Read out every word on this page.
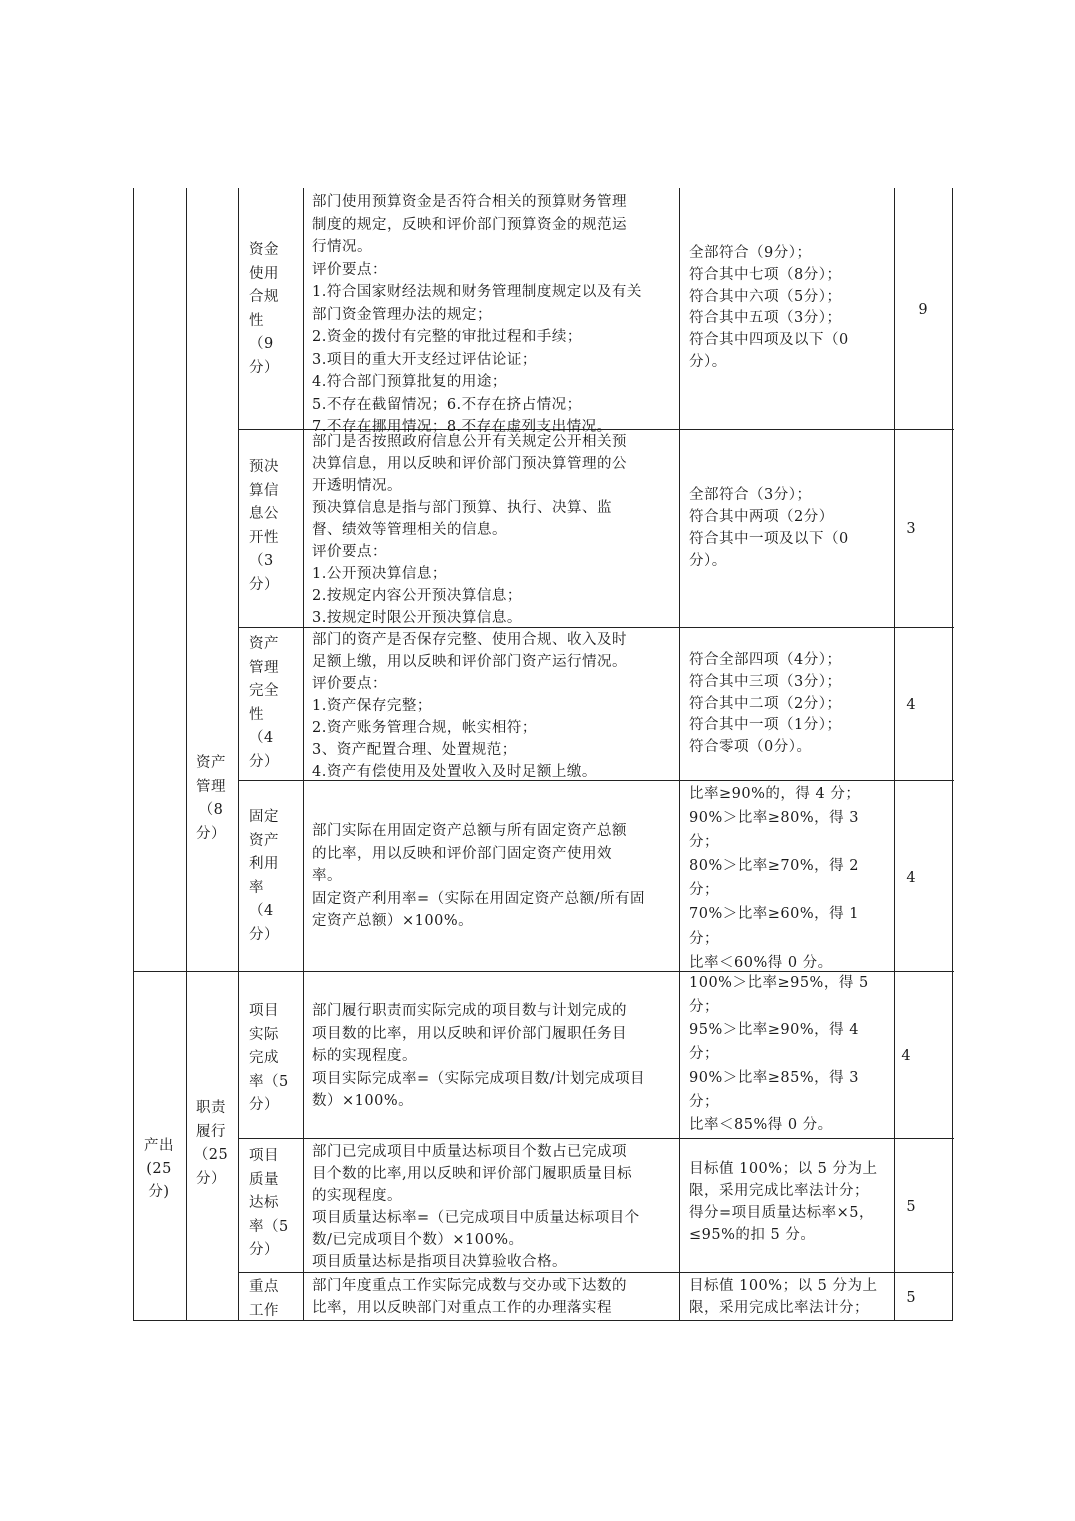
产出
(25
分)
资产
管理
（8
分）
职责
履行
（25
分）
资金
使用
合规
性
（9
分）
部门使用预算资金是否符合相关的预算财务管理
制度的规定，反映和评价部门预算资金的规范运
行情况。
评价要点：
1.符合国家财经法规和财务管理制度规定以及有关
部门资金管理办法的规定；
2.资金的拨付有完整的审批过程和手续；
3.项目的重大开支经过评估论证；
4.符合部门预算批复的用途；
5.不存在截留情况；6.不存在挤占情况；
7.不存在挪用情况；8.不存在虚列支出情况。
全部符合（9分）；
符合其中七项（8分）；
符合其中六项（5分）；
符合其中五项（3分）；
符合其中四项及以下（0
分）。
9
预决
算信
息公
开性
（3
分）
部门是否按照政府信息公开有关规定公开相关预
决算信息，用以反映和评价部门预决算管理的公
开透明情况。
预决算信息是指与部门预算、执行、决算、监
督、绩效等管理相关的信息。
评价要点：
1.公开预决算信息；
2.按规定内容公开预决算信息；
3.按规定时限公开预决算信息。
全部符合（3分）；
符合其中两项（2分）
符合其中一项及以下（0
分）。
3
资产
管理
完全
性
（4
分）
部门的资产是否保存完整、使用合规、收入及时
足额上缴，用以反映和评价部门资产运行情况。
评价要点：
1.资产保存完整；
2.资产账务管理合规，帐实相符；
3、资产配置合理、处置规范；
4.资产有偿使用及处置收入及时足额上缴。
符合全部四项（4分）；
符合其中三项（3分）；
符合其中二项（2分）；
符合其中一项（1分）；
符合零项（0分）。
4
固定
资产
利用
率
（4
分）
部门实际在用固定资产总额与所有固定资产总额
的比率，用以反映和评价部门固定资产使用效
率。
固定资产利用率=（实际在用固定资产总额/所有固
定资产总额）×100%。
比率≥90%的，得 4 分；
90%＞比率≥80%，得 3
分；
80%＞比率≥70%，得 2
分；
70%＞比率≥60%，得 1
分；
比率＜60%得 0 分。
4
项目
实际
完成
率（5
分）
部门履行职责而实际完成的项目数与计划完成的
项目数的比率，用以反映和评价部门履职任务目
标的实现程度。
项目实际完成率=（实际完成项目数/计划完成项目
数）×100%。
100%＞比率≥95%，得 5
分；
95%＞比率≥90%，得 4
分；
90%＞比率≥85%，得 3
分；
比率＜85%得 0 分。
4
项目
质量
达标
率（5
分）
部门已完成项目中质量达标项目个数占已完成项
目个数的比率,用以反映和评价部门履职质量目标
的实现程度。
项目质量达标率=（已完成项目中质量达标项目个
数/已完成项目个数）×100%。
项目质量达标是指项目决算验收合格。
目标值 100%；以 5 分为上
限，采用完成比率法计分；
得分=项目质量达标率×5，
≤95%的扣 5 分。
5
重点
工作
部门年度重点工作实际完成数与交办或下达数的
比率，用以反映部门对重点工作的办理落实程
目标值 100%；以 5 分为上
限，采用完成比率法计分；
5
